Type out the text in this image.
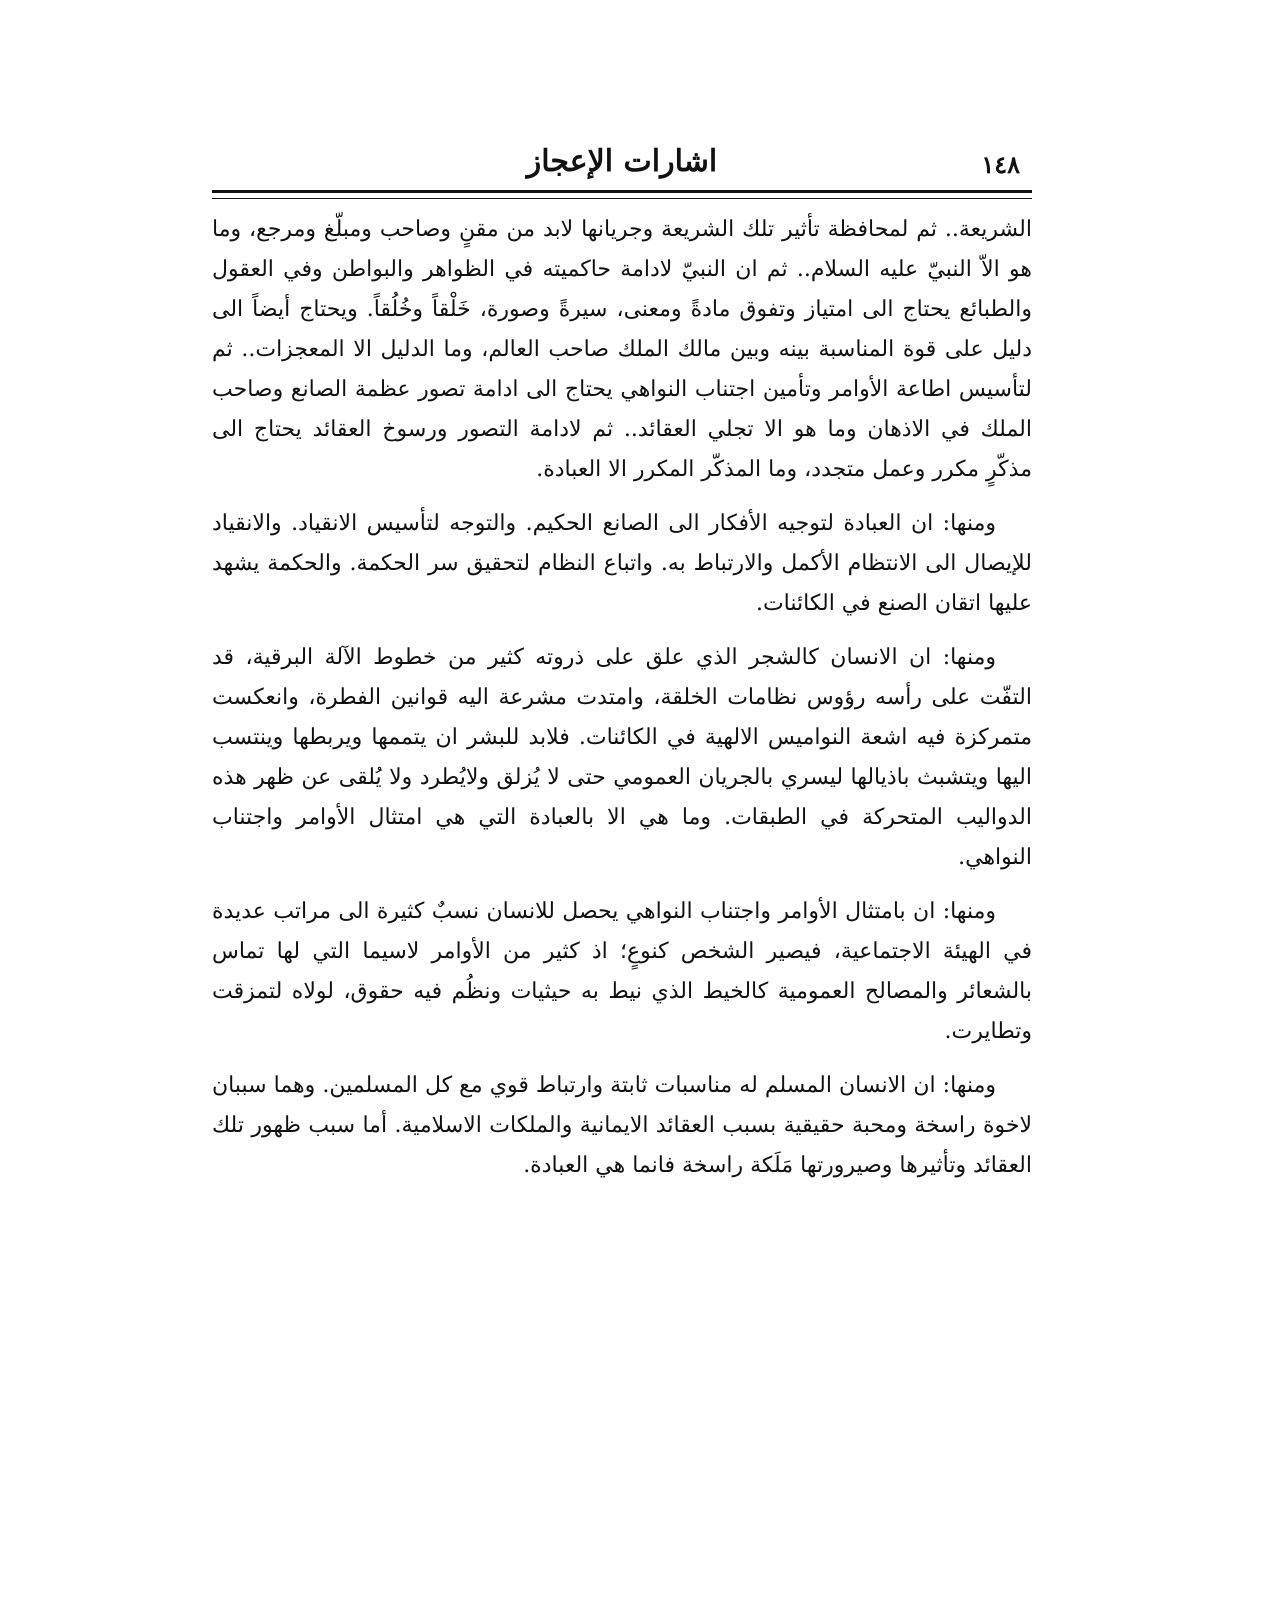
اشارات الإعجاز	١٤٨

الشريعة.. ثم لمحافظة تأثير تلك الشريعة وجريانها لابد من مقنٍ وصاحب ومبلّغ ومرجع، وما هو الاّ النبيّ عليه السلام.. ثم ان النبيّ لادامة حاكميته في الظواهر والبواطن وفي العقول والطبائع يحتاج الى امتياز وتفوق مادةً ومعنى، سيرةً وصورة، خَلْقاً وخُلُقاً. ويحتاج أيضاً الى دليل على قوة المناسبة بينه وبين مالك الملك صاحب العالم، وما الدليل الا المعجزات.. ثم لتأسيس اطاعة الأوامر وتأمين اجتناب النواهي يحتاج الى ادامة تصور عظمة الصانع وصاحب الملك في الاذهان وما هو الا تجلي العقائد.. ثم لادامة التصور ورسوخ العقائد يحتاج الى مذكّرٍ مكرر وعمل متجدد، وما المذكّر المكرر الا العبادة.

ومنها: ان العبادة لتوجيه الأفكار الى الصانع الحكيم. والتوجه لتأسيس الانقياد. والانقياد للإيصال الى الانتظام الأكمل والارتباط به. واتباع النظام لتحقيق سر الحكمة. والحكمة يشهد عليها اتقان الصنع في الكائنات.

ومنها: ان الانسان كالشجر الذي علق على ذروته كثير من خطوط الآلة البرقية، قد التفّت على رأسه رؤوس نظامات الخلقة، وامتدت مشرعة اليه قوانين الفطرة، وانعكست متمركزة فيه اشعة النواميس الالهية في الكائنات. فلابد للبشر ان يتممها ويربطها وينتسب اليها ويتشبث باذيالها ليسري بالجريان العمومي حتى لا يُزلق ولايُطرد ولا يُلقى عن ظهر هذه الدواليب المتحركة في الطبقات. وما هي الا بالعبادة التي هي امتثال الأوامر واجتناب النواهي.

ومنها: ان بامتثال الأوامر واجتناب النواهي يحصل للانسان نسبٌ كثيرة الى مراتب عديدة في الهيئة الاجتماعية، فيصير الشخص كنوعٍ؛ اذ كثير من الأوامر لاسيما التي لها تماس بالشعائر والمصالح العمومية كالخيط الذي نيط به حيثيات ونظُم فيه حقوق، لولاه لتمزقت وتطايرت.

ومنها: ان الانسان المسلم له مناسبات ثابتة وارتباط قوي مع كل المسلمين. وهما سببان لاخوة راسخة ومحبة حقيقية بسبب العقائد الايمانية والملكات الاسلامية. أما سبب ظهور تلك العقائد وتأثيرها وصيرورتها مَلَكة راسخة فانما هي العبادة.
